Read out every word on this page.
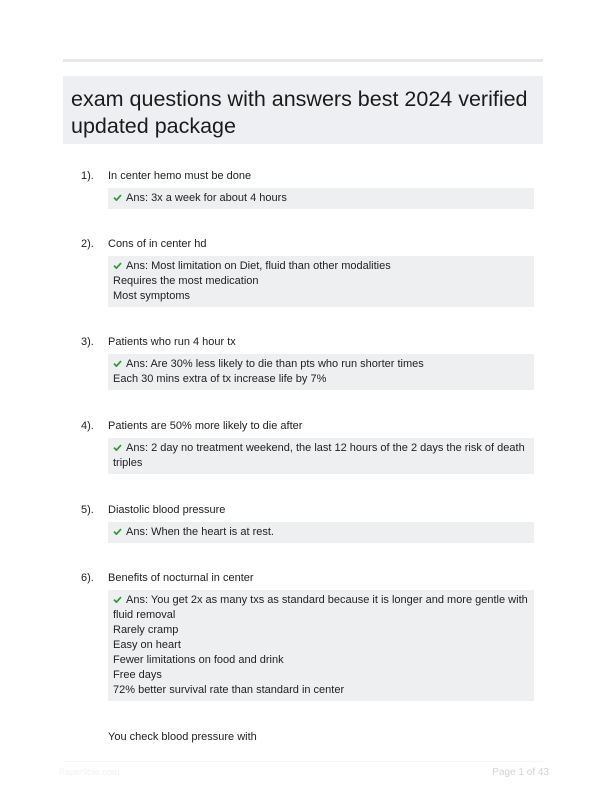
exam questions with answers best 2024 verified updated package
1). In center hemo must be done
Ans: 3x a week for about 4 hours
2). Cons of in center hd
Ans: Most limitation on Diet, fluid than other modalities
Requires the most medication
Most symptoms
3). Patients who run 4 hour tx
Ans: Are 30% less likely to die than pts who run shorter times
Each 30 mins extra of tx increase life by 7%
4). Patients are 50% more likely to die after
Ans: 2 day no treatment weekend, the last 12 hours of the 2 days the risk of death
triples
5). Diastolic blood pressure
Ans: When the heart is at rest.
6). Benefits of nocturnal in center
Ans: You get 2x as many txs as standard because it is longer and more gentle with
fluid removal
Rarely cramp
Easy on heart
Fewer limitations on food and drink
Free days
72% better survival rate than standard in center
You check blood pressure with
Paper9ble.com	Page 1 of 43
